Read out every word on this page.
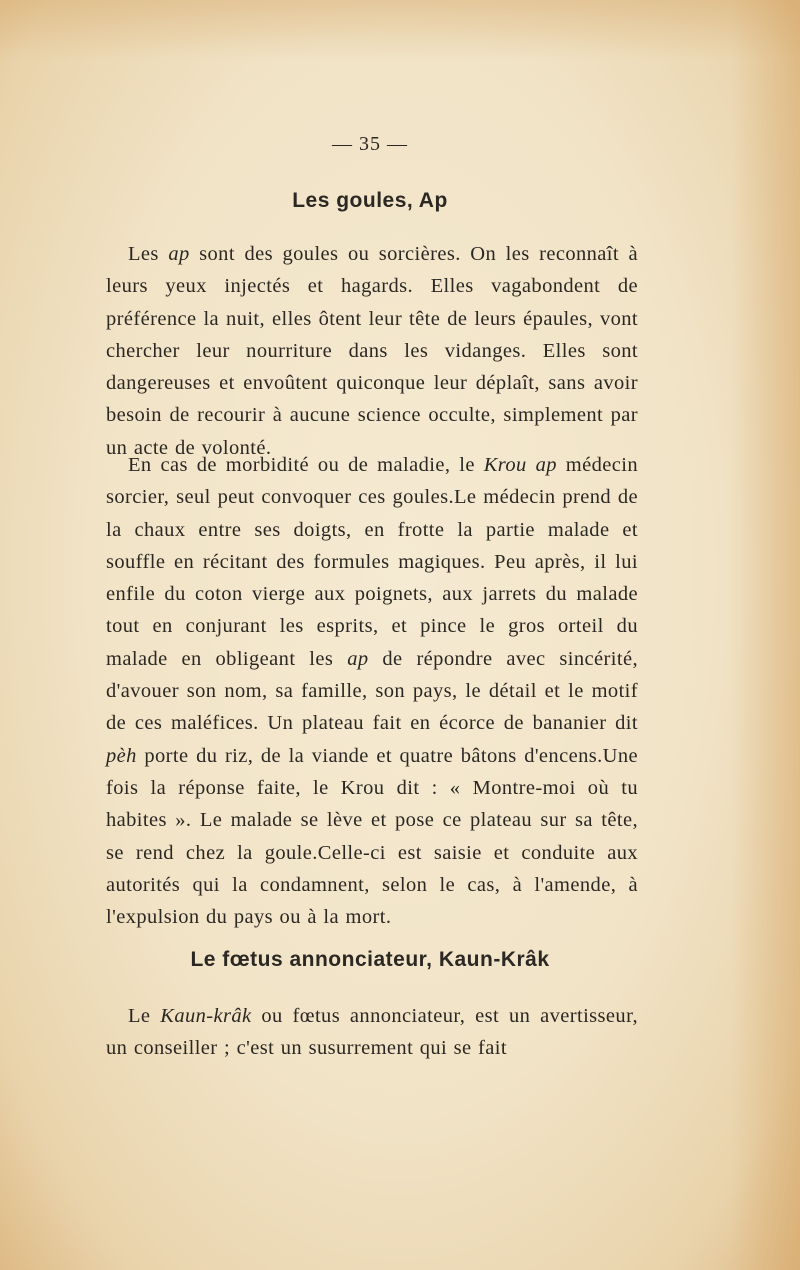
— 35 —
Les goules, Ap
Les ap sont des goules ou sorcières. On les reconnaît à leurs yeux injectés et hagards. Elles vagabondent de préférence la nuit, elles ôtent leur tête de leurs épaules, vont chercher leur nourriture dans les vidanges. Elles sont dangereuses et envoûtent quiconque leur déplaît, sans avoir besoin de recourir à aucune science occulte, simplement par un acte de volonté.
En cas de morbidité ou de maladie, le Krou ap médecin sorcier, seul peut convoquer ces goules.Le médecin prend de la chaux entre ses doigts, en frotte la partie malade et souffle en récitant des formules magiques. Peu après, il lui enfile du coton vierge aux poignets, aux jarrets du malade tout en conjurant les esprits, et pince le gros orteil du malade en obligeant les ap de répondre avec sincérité, d'avouer son nom, sa famille, son pays, le détail et le motif de ces maléfices. Un plateau fait en écorce de bananier dit pèh porte du riz, de la viande et quatre bâtons d'encens.Une fois la réponse faite, le Krou dit : « Montre-moi où tu habites ». Le malade se lève et pose ce plateau sur sa tête, se rend chez la goule.Celle-ci est saisie et conduite aux autorités qui la condamnent, selon le cas, à l'amende, à l'expulsion du pays ou à la mort.
Le fœtus annonciateur, Kaun-Krâk
Le Kaun-krâk ou fœtus annonciateur, est un avertisseur, un conseiller ; c'est un susurrement qui se fait
